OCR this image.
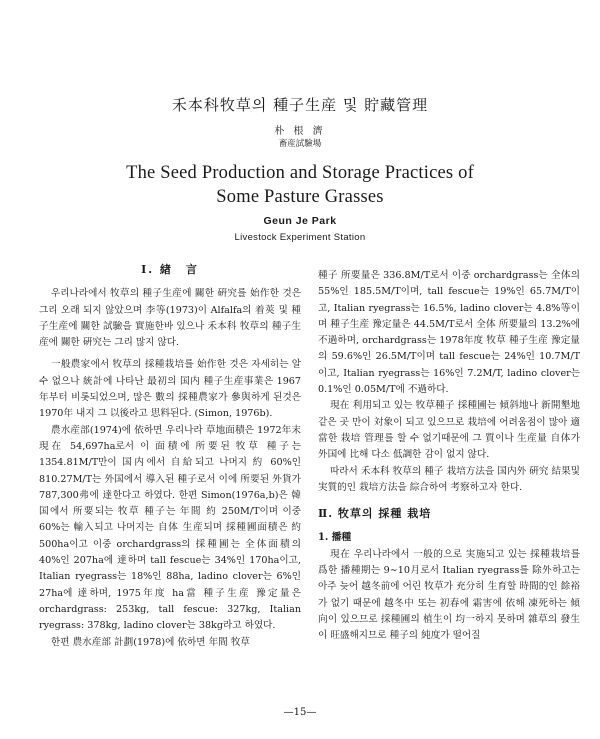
禾本科牧草의 種子生産 및 貯藏管理
朴 根 濟
畜産試驗場
The Seed Production and Storage Practices of
Some Pasture Grasses
Geun Je Park
Livestock Experiment Station
Ⅰ. 緖　言

우리나라에서 牧草의 種子生産에 關한 硏究를 始作한 것은 그리 오래 되지 않았으며 李等(1973)이 Alfalfa의 着莢 및 種子生産에 關한 試驗을 實施한바 있으나 禾本科 牧草의 種子生産에 關한 硏究는 그리 많지 않다.

一般農家에서 牧草의 採種栽培를 始作한 것은 자세히는 알 수 없으나 統計에 나타난 最初의 国内 種子生産事業은 1967年부터 비롯되었으며, 많은 數의 採種農家가 參與하게 된것은 1970年 내지 그 以後라고 思料된다. (Simon, 1976b).

農水産部(1974)에 依하면 우리나라 草地面積은 1972年末 現在 54,697ha로서 이 面積에 所要된 牧草 種子는 1354.81M/T만이 国内에서 自給되고 나머지 約 60%인 810.27M/T는 外国에서 導入된 種子로서 이에 所要된 外貨가 787,300弗에 達한다고 하였다. 한편 Simon(1976a,b)은 韓国에서 所要되는 牧草 種子는 年間 約 250M/T이며 이중 60%는 輸入되고 나머지는 自体 生産되며 採種圃面積은 約 500ha이고 이중 orchardgrass의 採種圃는 全体面積의 40%인 207ha에 達하며 tall fescue는 34%인 170ha이고, Italian ryegrass는 18%인 88ha, ladino clover는 6%인 27ha에 達하며, 1975年度 ha當 種子生産 豫定量은 orchardgrass: 253kg, tall fescue: 327kg, Italian ryegrass: 378kg, ladino clover는 38kg라고 하였다.

한편 農水産部 計劃(1978)에 依하면 年間 牧草

種子 所要量은 336.8M/T로서 이중 orchardgrass는 全体의 55%인 185.5M/T이며, tall fescue는 19%인 65.7M/T이고, Italian ryegrass는 16.5%, ladino clover는 4.8%等이며 種子生産 豫定量은 44.5M/T로서 全体 所要量의 13.2%에 不過하며, orchardgrass는 1978年度 牧草 種子生産 豫定量의 59.6%인 26.5M/T이며 tall fescue는 24%인 10.7M/T이고, Italian ryegrass는 16%인 7.2M/T, ladino clover는 0.1%인 0.05M/T에 不過하다.

現在 利用되고 있는 牧草種子 採種圃는 傾斜地나 新開墾地 같은 곳 만이 対象이 되고 있으므로 栽培에 어려움점이 많아 適當한 栽培 管理를 할 수 없기때문에 그 質이나 生産量 自体가 外国에 比해 다소 低調한 감이 없지 않다.

따라서 禾本科 牧草의 種子 栽培方法을 国内外 硏究 結果및 実質的인 栽培方法을 綜合하여 考察하고자 한다.

Ⅱ. 牧草의 採種 栽培
1. 播種

現在 우리나라에서 一般的으로 実施되고 있는 採種栽培를 爲한 播種期는 9∼10月로서 Italian ryegrass를 除外하고는 아주 늦어 越冬前에 어린 牧草가 充分히 生育할 時間的인 餘裕가 없기 때문에 越冬中 또는 初春에 霜害에 依해 凍死하는 傾向이 있으므로 採種圃의 植生이 均一하지 못하며 雜草의 發生이 旺盛해지므로 種子의 純度가 떨어질

—15—
